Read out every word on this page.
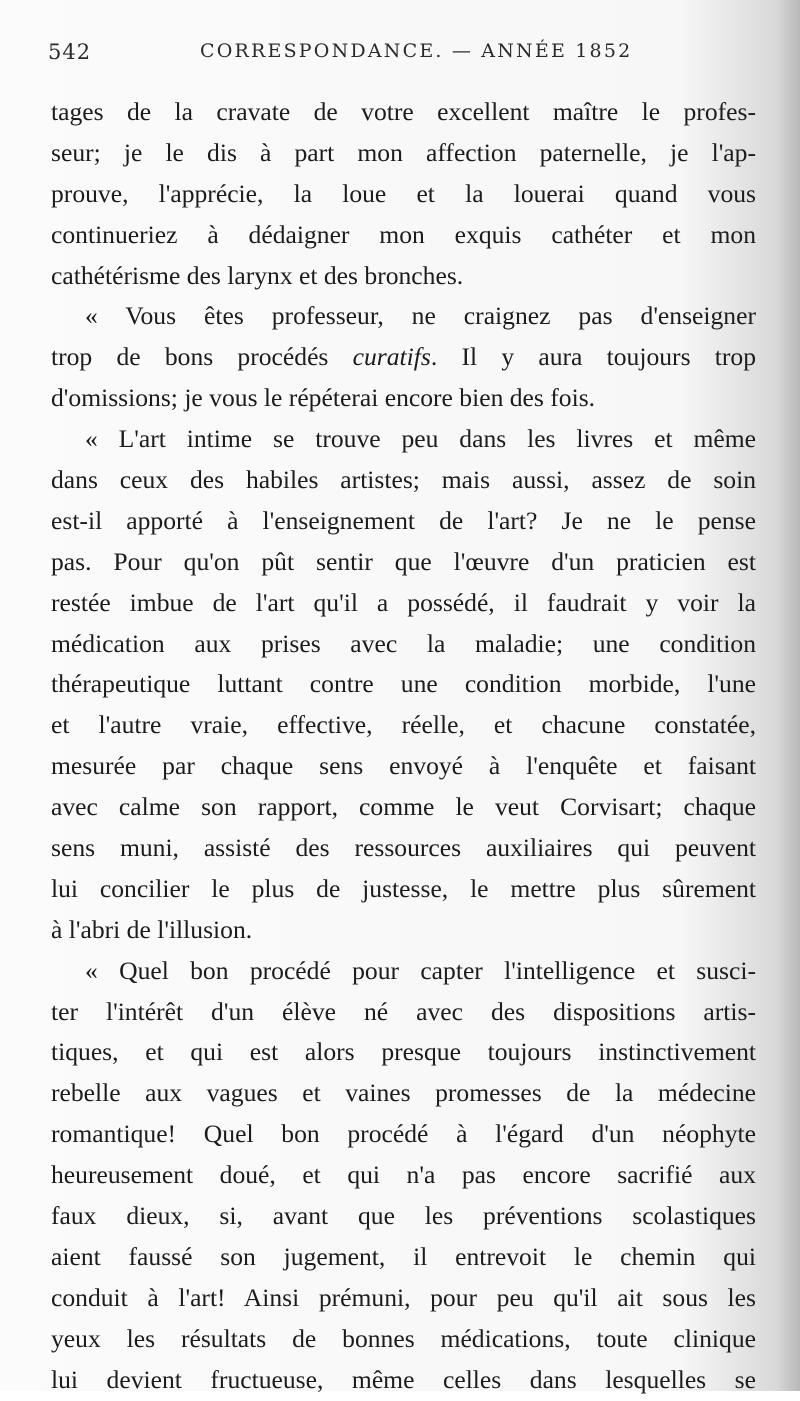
542	CORRESPONDANCE. — ANNÉE 1852
tages de la cravate de votre excellent maître le profes-
seur; je le dis à part mon affection paternelle, je l'ap-
prouve, l'apprécie, la loue et la louerai quand vous
continueriez à dédaigner mon exquis cathéter et mon
cathétérisme des larynx et des bronches.
« Vous êtes professeur, ne craignez pas d'enseigner
trop de bons procédés curatifs. Il y aura toujours trop
d'omissions; je vous le répéterai encore bien des fois.
« L'art intime se trouve peu dans les livres et même
dans ceux des habiles artistes; mais aussi, assez de soin
est-il apporté à l'enseignement de l'art? Je ne le pense
pas. Pour qu'on pût sentir que l'œuvre d'un praticien est
restée imbue de l'art qu'il a possédé, il faudrait y voir la
médication aux prises avec la maladie; une condition
thérapeutique luttant contre une condition morbide, l'une
et l'autre vraie, effective, réelle, et chacune constatée,
mesurée par chaque sens envoyé à l'enquête et faisant
avec calme son rapport, comme le veut Corvisart; chaque
sens muni, assisté des ressources auxiliaires qui peuvent
lui concilier le plus de justesse, le mettre plus sûrement
à l'abri de l'illusion.
« Quel bon procédé pour capter l'intelligence et susci-
ter l'intérêt d'un élève né avec des dispositions artis-
tiques, et qui est alors presque toujours instinctivement
rebelle aux vagues et vaines promesses de la médecine
romantique! Quel bon procédé à l'égard d'un néophyte
heureusement doué, et qui n'a pas encore sacrifié aux
faux dieux, si, avant que les préventions scolastiques
aient faussé son jugement, il entrevoit le chemin qui
conduit à l'art! Ainsi prémuni, pour peu qu'il ait sous les
yeux les résultats de bonnes médications, toute clinique
lui devient fructueuse, même celles dans lesquelles se
